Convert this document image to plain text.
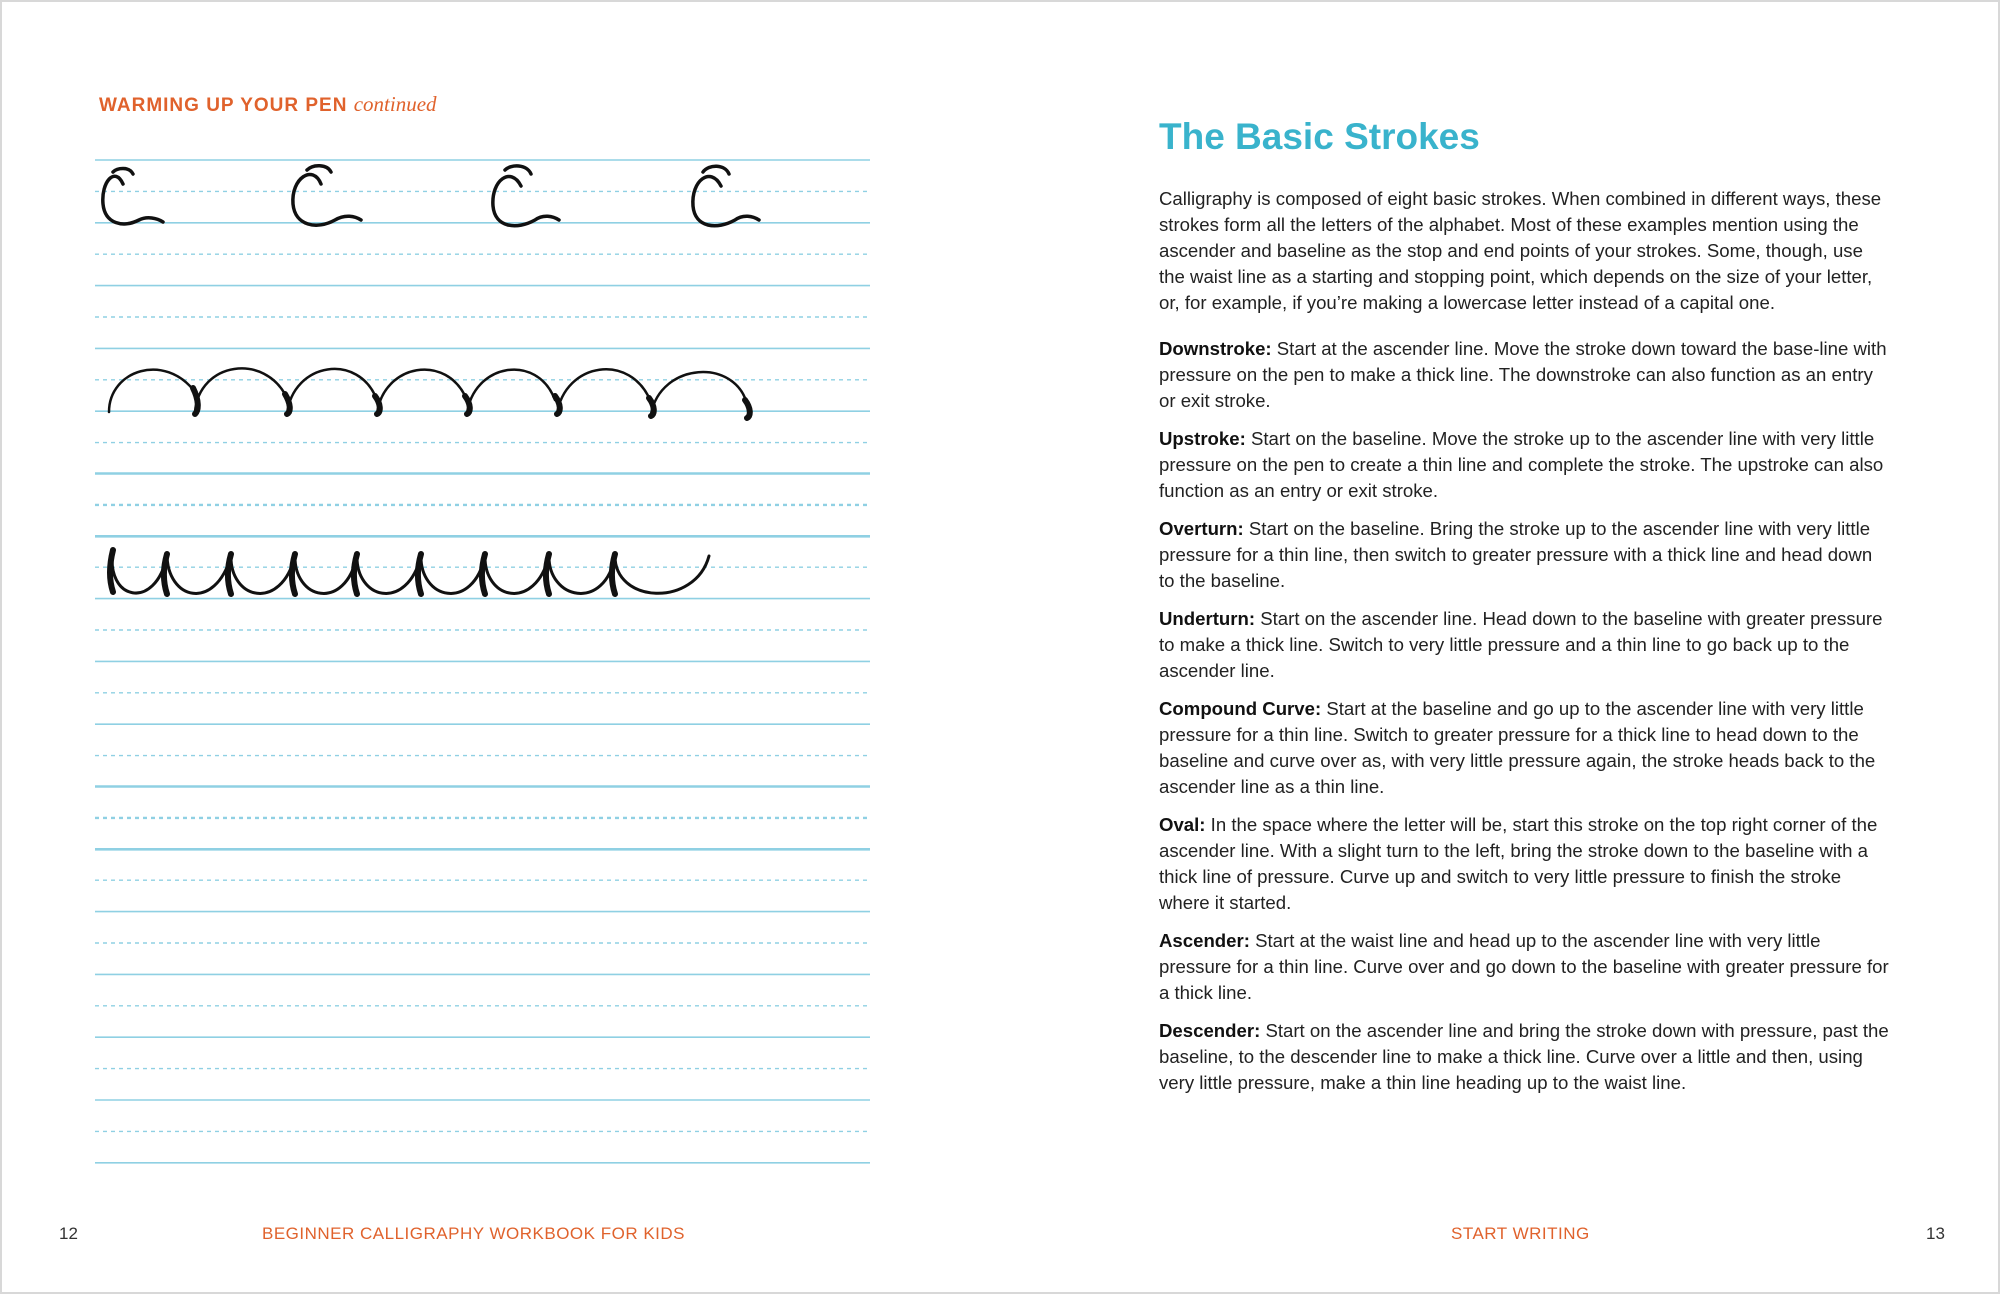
WARMING UP YOUR PEN continued
12	BEGINNER CALLIGRAPHY WORKBOOK FOR KIDS
The Basic Strokes

Calligraphy is composed of eight basic strokes. When combined in different ways, these strokes form all the letters of the alphabet. Most of these examples mention using the ascender and baseline as the stop and end points of your strokes. Some, though, use the waist line as a starting and stopping point, which depends on the size of your letter, or, for example, if you’re making a lowercase letter instead of a capital one.

Downstroke: Start at the ascender line. Move the stroke down toward the base-line with pressure on the pen to make a thick line. The downstroke can also function as an entry or exit stroke.

Upstroke: Start on the baseline. Move the stroke up to the ascender line with very little pressure on the pen to create a thin line and complete the stroke. The upstroke can also function as an entry or exit stroke.

Overturn: Start on the baseline. Bring the stroke up to the ascender line with very little pressure for a thin line, then switch to greater pressure with a thick line and head down to the baseline.

Underturn: Start on the ascender line. Head down to the baseline with greater pressure to make a thick line. Switch to very little pressure and a thin line to go back up to the ascender line.

Compound Curve: Start at the baseline and go up to the ascender line with very little pressure for a thin line. Switch to greater pressure for a thick line to head down to the baseline and curve over as, with very little pressure again, the stroke heads back to the ascender line as a thin line.

Oval: In the space where the letter will be, start this stroke on the top right corner of the ascender line. With a slight turn to the left, bring the stroke down to the baseline with a thick line of pressure. Curve up and switch to very little pressure to finish the stroke where it started.

Ascender: Start at the waist line and head up to the ascender line with very little pressure for a thin line. Curve over and go down to the baseline with greater pressure for a thick line.

Descender: Start on the ascender line and bring the stroke down with pressure, past the baseline, to the descender line to make a thick line. Curve over a little and then, using very little pressure, make a thin line heading up to the waist line.

START WRITING	13
